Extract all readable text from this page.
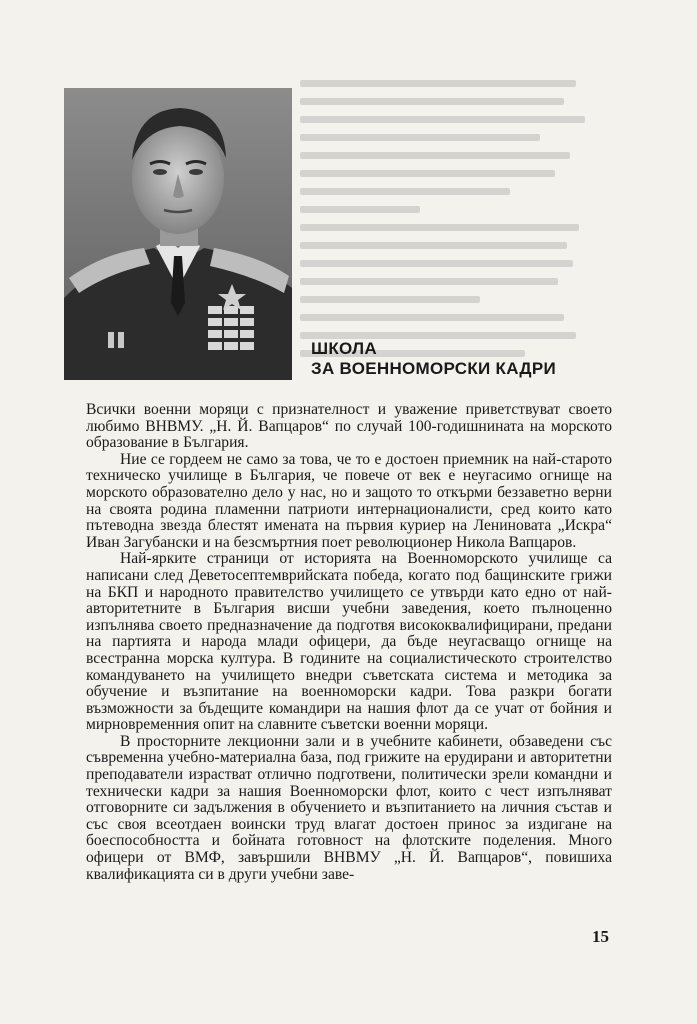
ШКОЛА
ЗА ВОЕННОМОРСКИ КАДРИ

Всички военни моряци с признателност и уважение приветствуват своето любимо ВНВМУ. „Н. Й. Вапцаров“ по случай 100-годишнината на морското образование в България.

Ние се гордеем не само за това, че то е достоен приемник на най-старото техническо училище в България, че повече от век е неугасимо огнище на морското образователно дело у нас, но и защото то откърми беззаветно верни на своята родина пламенни патриоти интернационалисти, сред които като пътеводна звезда блестят имената на първия куриер на Лениновата „Искра“ Иван Загубански и на безсмъртния поет революционер Никола Вапцаров.

Най-ярките страници от историята на Военноморското училище са написани след Деветосептемврийската победа, когато под бащинските грижи на БКП и народното правителство училището се утвърди като едно от най-авторитетните в България висши учебни заведения, което пълноценно изпълнява своето предназначение да подготвя висококвалифицирани, предани на партията и народа млади офицери, да бъде неугасващо огнище на всестранна морска култура. В годините на социалистическото строителство командуването на училището внедри съветската система и методика за обучение и възпитание на военноморски кадри. Това разкри богати възможности за бъдещите командири на нашия флот да се учат от бойния и мирновременния опит на славните съветски военни моряци.

В просторните лекционни зали и в учебните кабинети, обзаведени със съвременна учебно-материална база, под грижите на ерудирани и авторитетни преподаватели израстват отлично подготвени, политически зрели командни и технически кадри за нашия Военноморски флот, които с чест изпълняват отговорните си задължения в обучението и възпитанието на личния състав и със своя всеотдаен воински труд влагат достоен принос за издигане на боеспособността и бойната готовност на флотските поделения. Много офицери от ВМФ, завършили ВНВМУ „Н. Й. Вапцаров“, повишиха квалификацията си в други учебни заве-

15
